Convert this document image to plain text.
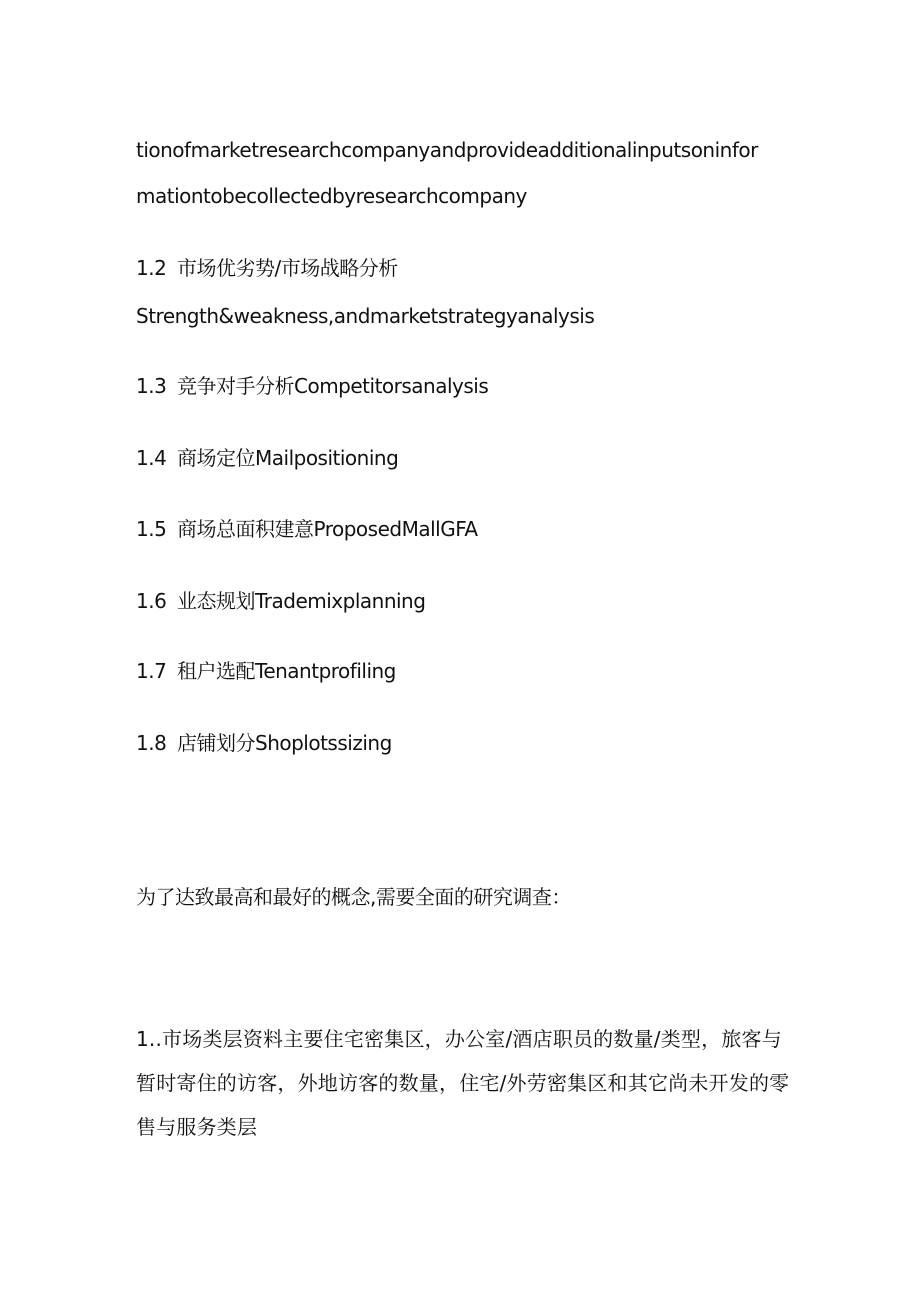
tionofmarketresearchcompanyandprovideadditionalinputsoninfor
mationtobecollectedbyresearchcompany
1.2 市场优劣势/市场战略分析
Strength&weakness,andmarketstrategyanalysis
1.3 竞争对手分析Competitorsanalysis
1.4 商场定位Mailpositioning
1.5 商场总面积建意ProposedMallGFA
1.6 业态规划Trademixplanning
1.7 租户选配Tenantprofiling
1.8 店铺划分Shoplotssizing
为了达致最高和最好的概念,需要全面的研究调查：
1..市场类层资料主要住宅密集区，办公室/酒店职员的数量/类型，旅客与暂时寄住的访客，外地访客的数量，住宅/外劳密集区和其它尚未开发的零售与服务类层
